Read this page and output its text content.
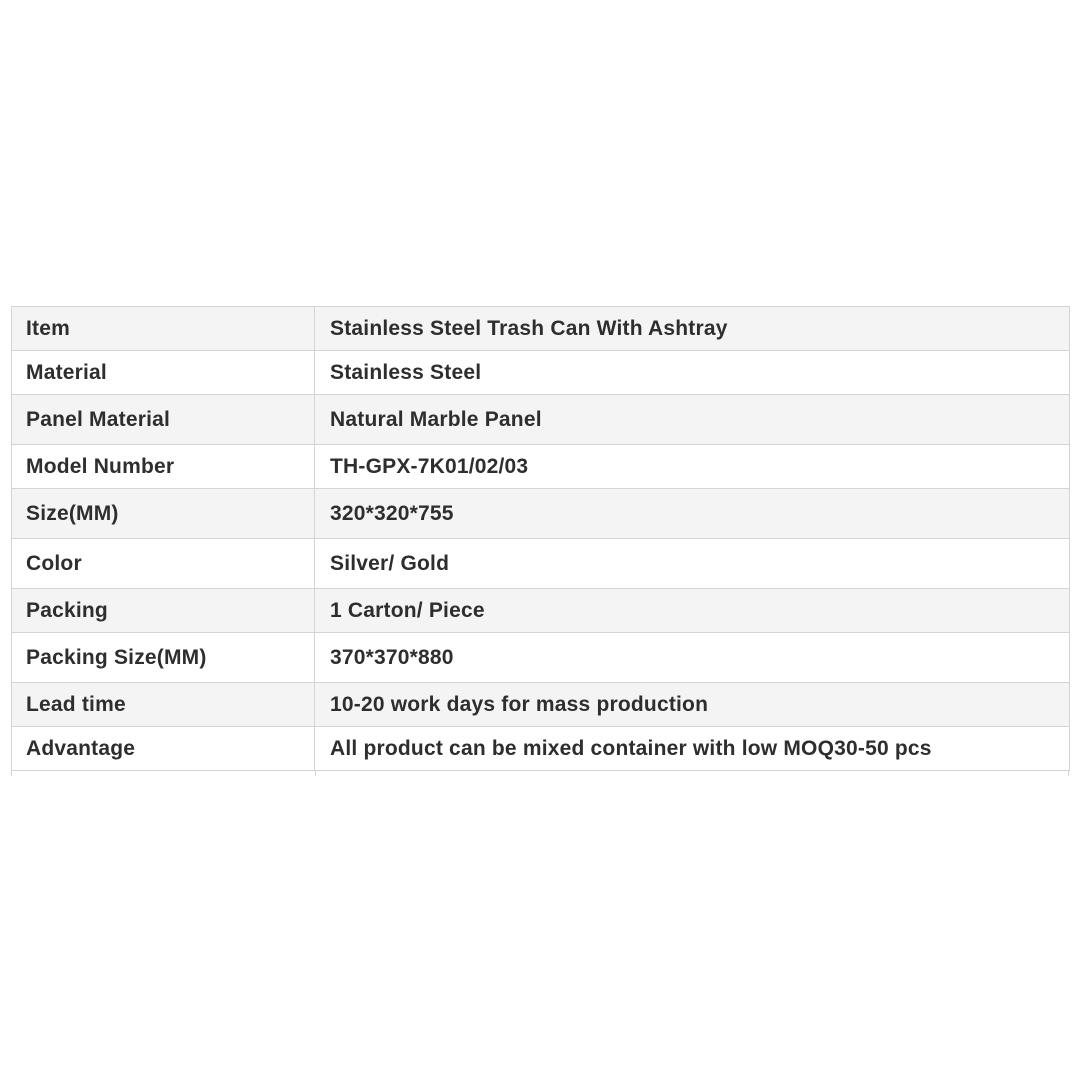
Item	Stainless Steel Trash Can With Ashtray
Material	Stainless Steel
Panel Material	Natural Marble Panel
Model Number	TH-GPX-7K01/02/03
Size(MM)	320*320*755
Color	Silver/ Gold
Packing	1 Carton/ Piece
Packing Size(MM)	370*370*880
Lead time	10-20 work days for mass production
Advantage	All product can be mixed container with low MOQ30-50 pcs
